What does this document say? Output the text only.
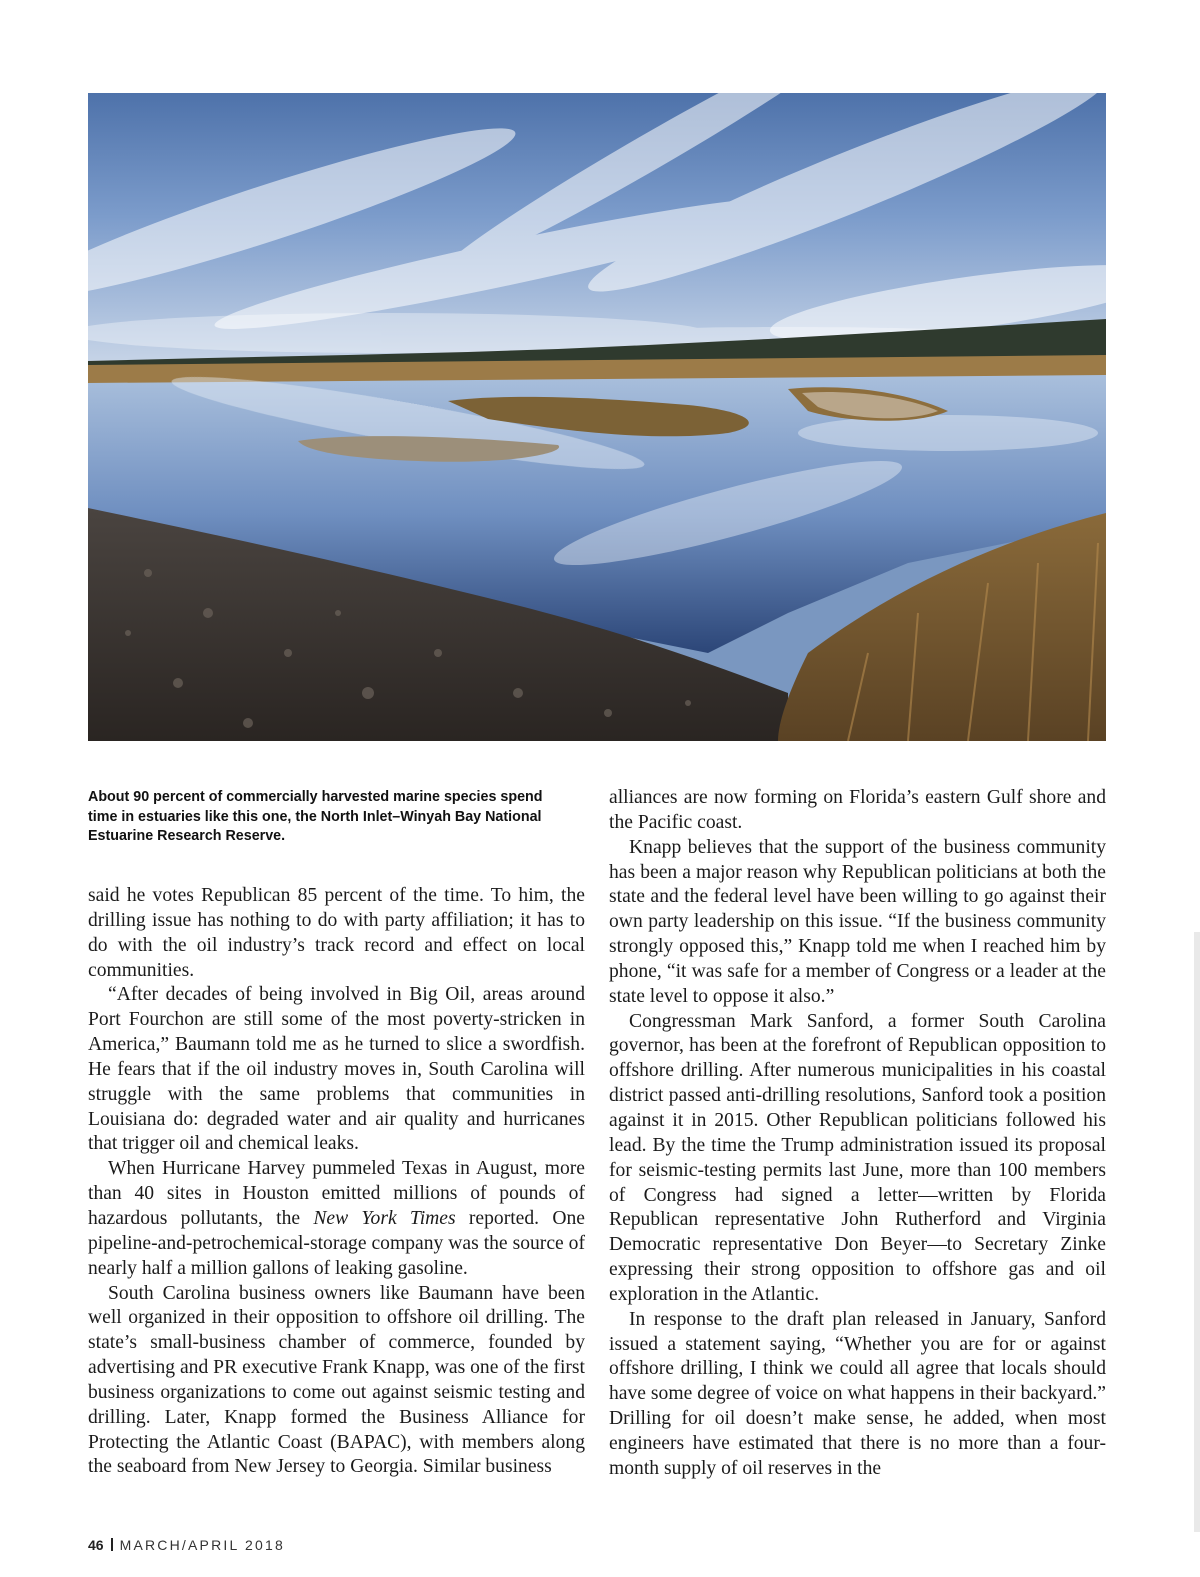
About 90 percent of commercially harvested marine species spend time in estuaries like this one, the North Inlet–Winyah Bay National Estuarine Research Reserve.

said he votes Republican 85 percent of the time. To him, the drilling issue has nothing to do with party affiliation; it has to do with the oil industry’s track record and effect on local communities.

“After decades of being involved in Big Oil, areas around Port Fourchon are still some of the most poverty-stricken in America,” Baumann told me as he turned to slice a swordfish. He fears that if the oil industry moves in, South Carolina will struggle with the same problems that communities in Louisiana do: degraded water and air quality and hurricanes that trigger oil and chemical leaks.

When Hurricane Harvey pummeled Texas in August, more than 40 sites in Houston emitted millions of pounds of hazardous pollutants, the New York Times reported. One pipeline-and-petrochemical-storage company was the source of nearly half a million gallons of leaking gasoline.

South Carolina business owners like Baumann have been well organized in their opposition to offshore oil drilling. The state’s small-business chamber of commerce, founded by advertising and PR executive Frank Knapp, was one of the first business organizations to come out against seismic testing and drilling. Later, Knapp formed the Business Alliance for Protecting the Atlantic Coast (BAPAC), with members along the seaboard from New Jersey to Georgia. Similar business

alliances are now forming on Florida’s eastern Gulf shore and the Pacific coast.

Knapp believes that the support of the business community has been a major reason why Republican politicians at both the state and the federal level have been willing to go against their own party leadership on this issue. “If the business community strongly opposed this,” Knapp told me when I reached him by phone, “it was safe for a member of Congress or a leader at the state level to oppose it also.”

Congressman Mark Sanford, a former South Carolina governor, has been at the forefront of Republican opposition to offshore drilling. After numerous municipalities in his coastal district passed anti-drilling resolutions, Sanford took a position against it in 2015. Other Republican politicians followed his lead. By the time the Trump administration issued its proposal for seismic-testing permits last June, more than 100 members of Congress had signed a letter—written by Florida Republican representative John Rutherford and Virginia Democratic representative Don Beyer—to Secretary Zinke expressing their strong opposition to offshore gas and oil exploration in the Atlantic.

In response to the draft plan released in January, Sanford issued a statement saying, “Whether you are for or against offshore drilling, I think we could all agree that locals should have some degree of voice on what happens in their backyard.” Drilling for oil doesn’t make sense, he added, when most engineers have estimated that there is no more than a four-month supply of oil reserves in the

46 MARCH/APRIL 2018
